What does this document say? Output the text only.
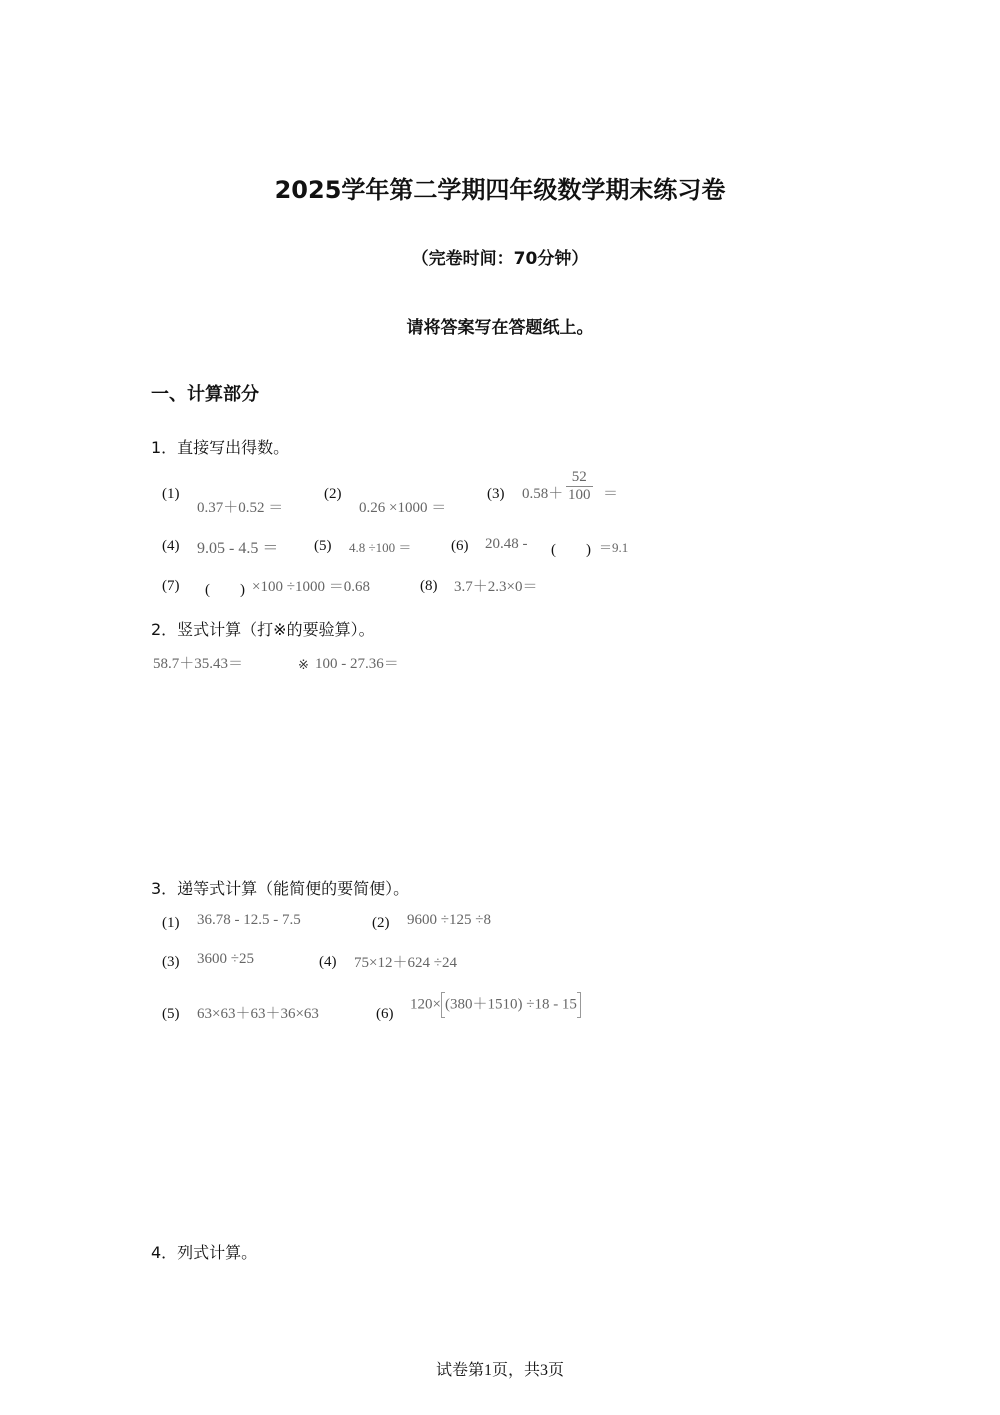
2025学年第二学期四年级数学期末练习卷
（完卷时间：70分钟）
请将答案写在答题纸上。
一、计算部分
1．直接写出得数。
(1)
0.37＋0.52 ＝
(2)
0.26 ×1000 ＝
(3) $0.58+ \frac{52}{100}$ ＝
(4) 9.05 - 4.5 ＝ (5) 4.8 ÷100 ＝	(6) 20.48 - (　　) ＝9.1
(7) (　　) ×100 ÷1000 ＝0.68	(8) 3.7＋2.3×0＝
2．竖式计算（打※的要验算）。
58.7＋35.43＝	※ 100 - 27.36＝
3．递等式计算（能简便的要简便）。
(1) 36.78 - 12.5 - 7.5	(2) 9600 ÷125 ÷8
(3) 3600 ÷25	(4) 75×12＋624 ÷24
(5) 63×63＋63＋36×63	(6)
120× (380＋1510) ÷18 - 15
4．列式计算。
试卷第1页，共3页
